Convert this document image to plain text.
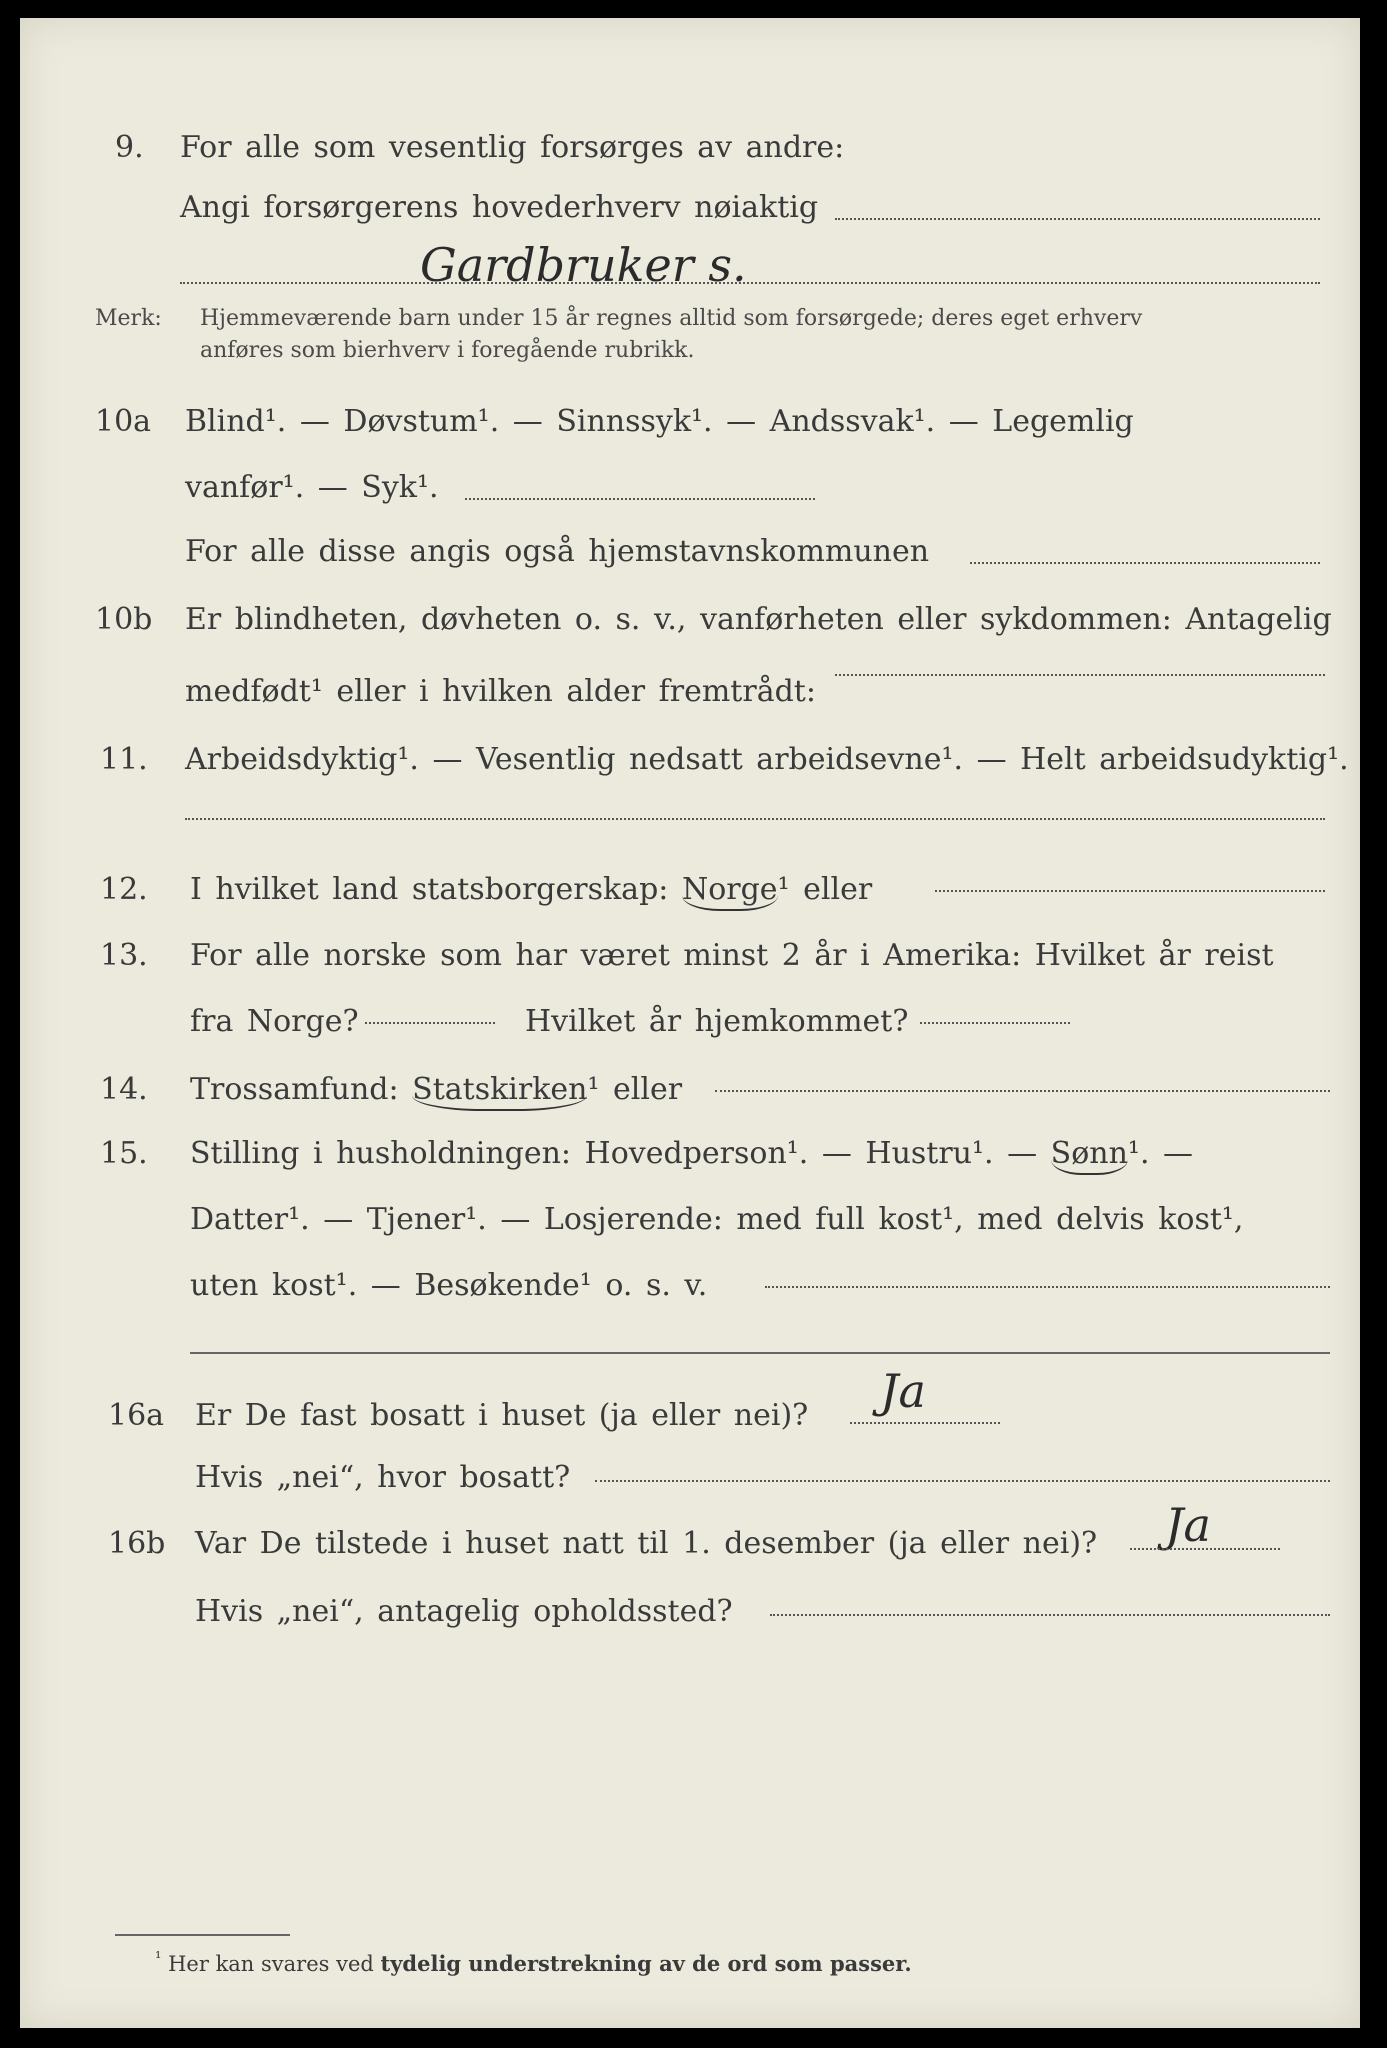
9. For alle som vesentlig forsørges av andre:
Angi forsørgerens hovederhverv nøiaktig
Gardbruker s.
Merk: Hjemmeværende barn under 15 år regnes alltid som forsørgede; deres eget erhverv
anføres som bierhverv i foregående rubrikk.
10a Blind¹. — Døvstum¹. — Sinnssyk¹. — Andssvak¹. — Legemlig
vanfør¹. — Syk¹.
For alle disse angis også hjemstavnskommunen
10b Er blindheten, døvheten o. s. v., vanførheten eller sykdommen: Antagelig
medfødt¹ eller i hvilken alder fremtrådt:
11. Arbeidsdyktig¹. — Vesentlig nedsatt arbeidsevne¹. — Helt arbeidsudyktig¹.
12. I hvilket land statsborgerskap: Norge¹ eller
13. For alle norske som har været minst 2 år i Amerika: Hvilket år reist
fra Norge?	Hvilket år hjemkommet?
14. Trossamfund: Statskirken¹ eller
15. Stilling i husholdningen: Hovedperson¹. — Hustru¹. — Sønn¹. —
Datter¹. — Tjener¹. — Losjerende: med full kost¹, med delvis kost¹,
uten kost¹. — Besøkende¹ o. s. v.
16a Er De fast bosatt i huset (ja eller nei)? Ja
Hvis „nei“, hvor bosatt?
16b Var De tilstede i huset natt til 1. desember (ja eller nei)? Ja
Hvis „nei“, antagelig opholdssted?
$^{^1}$ Her kan svares ved tydelig understrekning av de ord som passer.
